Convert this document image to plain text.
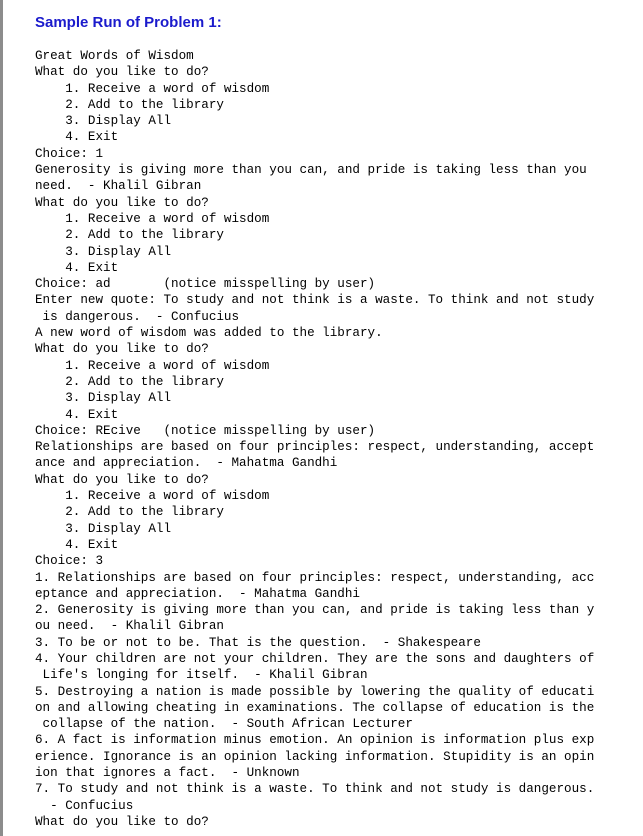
Sample Run of Problem 1:
Great Words of Wisdom
What do you like to do?
1. Receive a word of wisdom
2. Add to the library
3. Display All
4. Exit
Choice: 1
Generosity is giving more than you can, and pride is taking less than you
need.  - Khalil Gibran
What do you like to do?
1. Receive a word of wisdom
2. Add to the library
3. Display All
4. Exit
Choice: ad       (notice misspelling by user)
Enter new quote: To study and not think is a waste. To think and not study
is dangerous.  - Confucius
A new word of wisdom was added to the library.
What do you like to do?
1. Receive a word of wisdom
2. Add to the library
3. Display All
4. Exit
Choice: REcive   (notice misspelling by user)
Relationships are based on four principles: respect, understanding, accept
ance and appreciation.  - Mahatma Gandhi
What do you like to do?
1. Receive a word of wisdom
2. Add to the library
3. Display All
4. Exit
Choice: 3
1. Relationships are based on four principles: respect, understanding, acc
eptance and appreciation.  - Mahatma Gandhi
2. Generosity is giving more than you can, and pride is taking less than y
ou need.  - Khalil Gibran
3. To be or not to be. That is the question.  - Shakespeare
4. Your children are not your children. They are the sons and daughters of
Life's longing for itself.  - Khalil Gibran
5. Destroying a nation is made possible by lowering the quality of educati
on and allowing cheating in examinations. The collapse of education is the
collapse of the nation.  - South African Lecturer
6. A fact is information minus emotion. An opinion is information plus exp
erience. Ignorance is an opinion lacking information. Stupidity is an opin
ion that ignores a fact.  - Unknown
7. To study and not think is a waste. To think and not study is dangerous.
- Confucius
What do you like to do?
